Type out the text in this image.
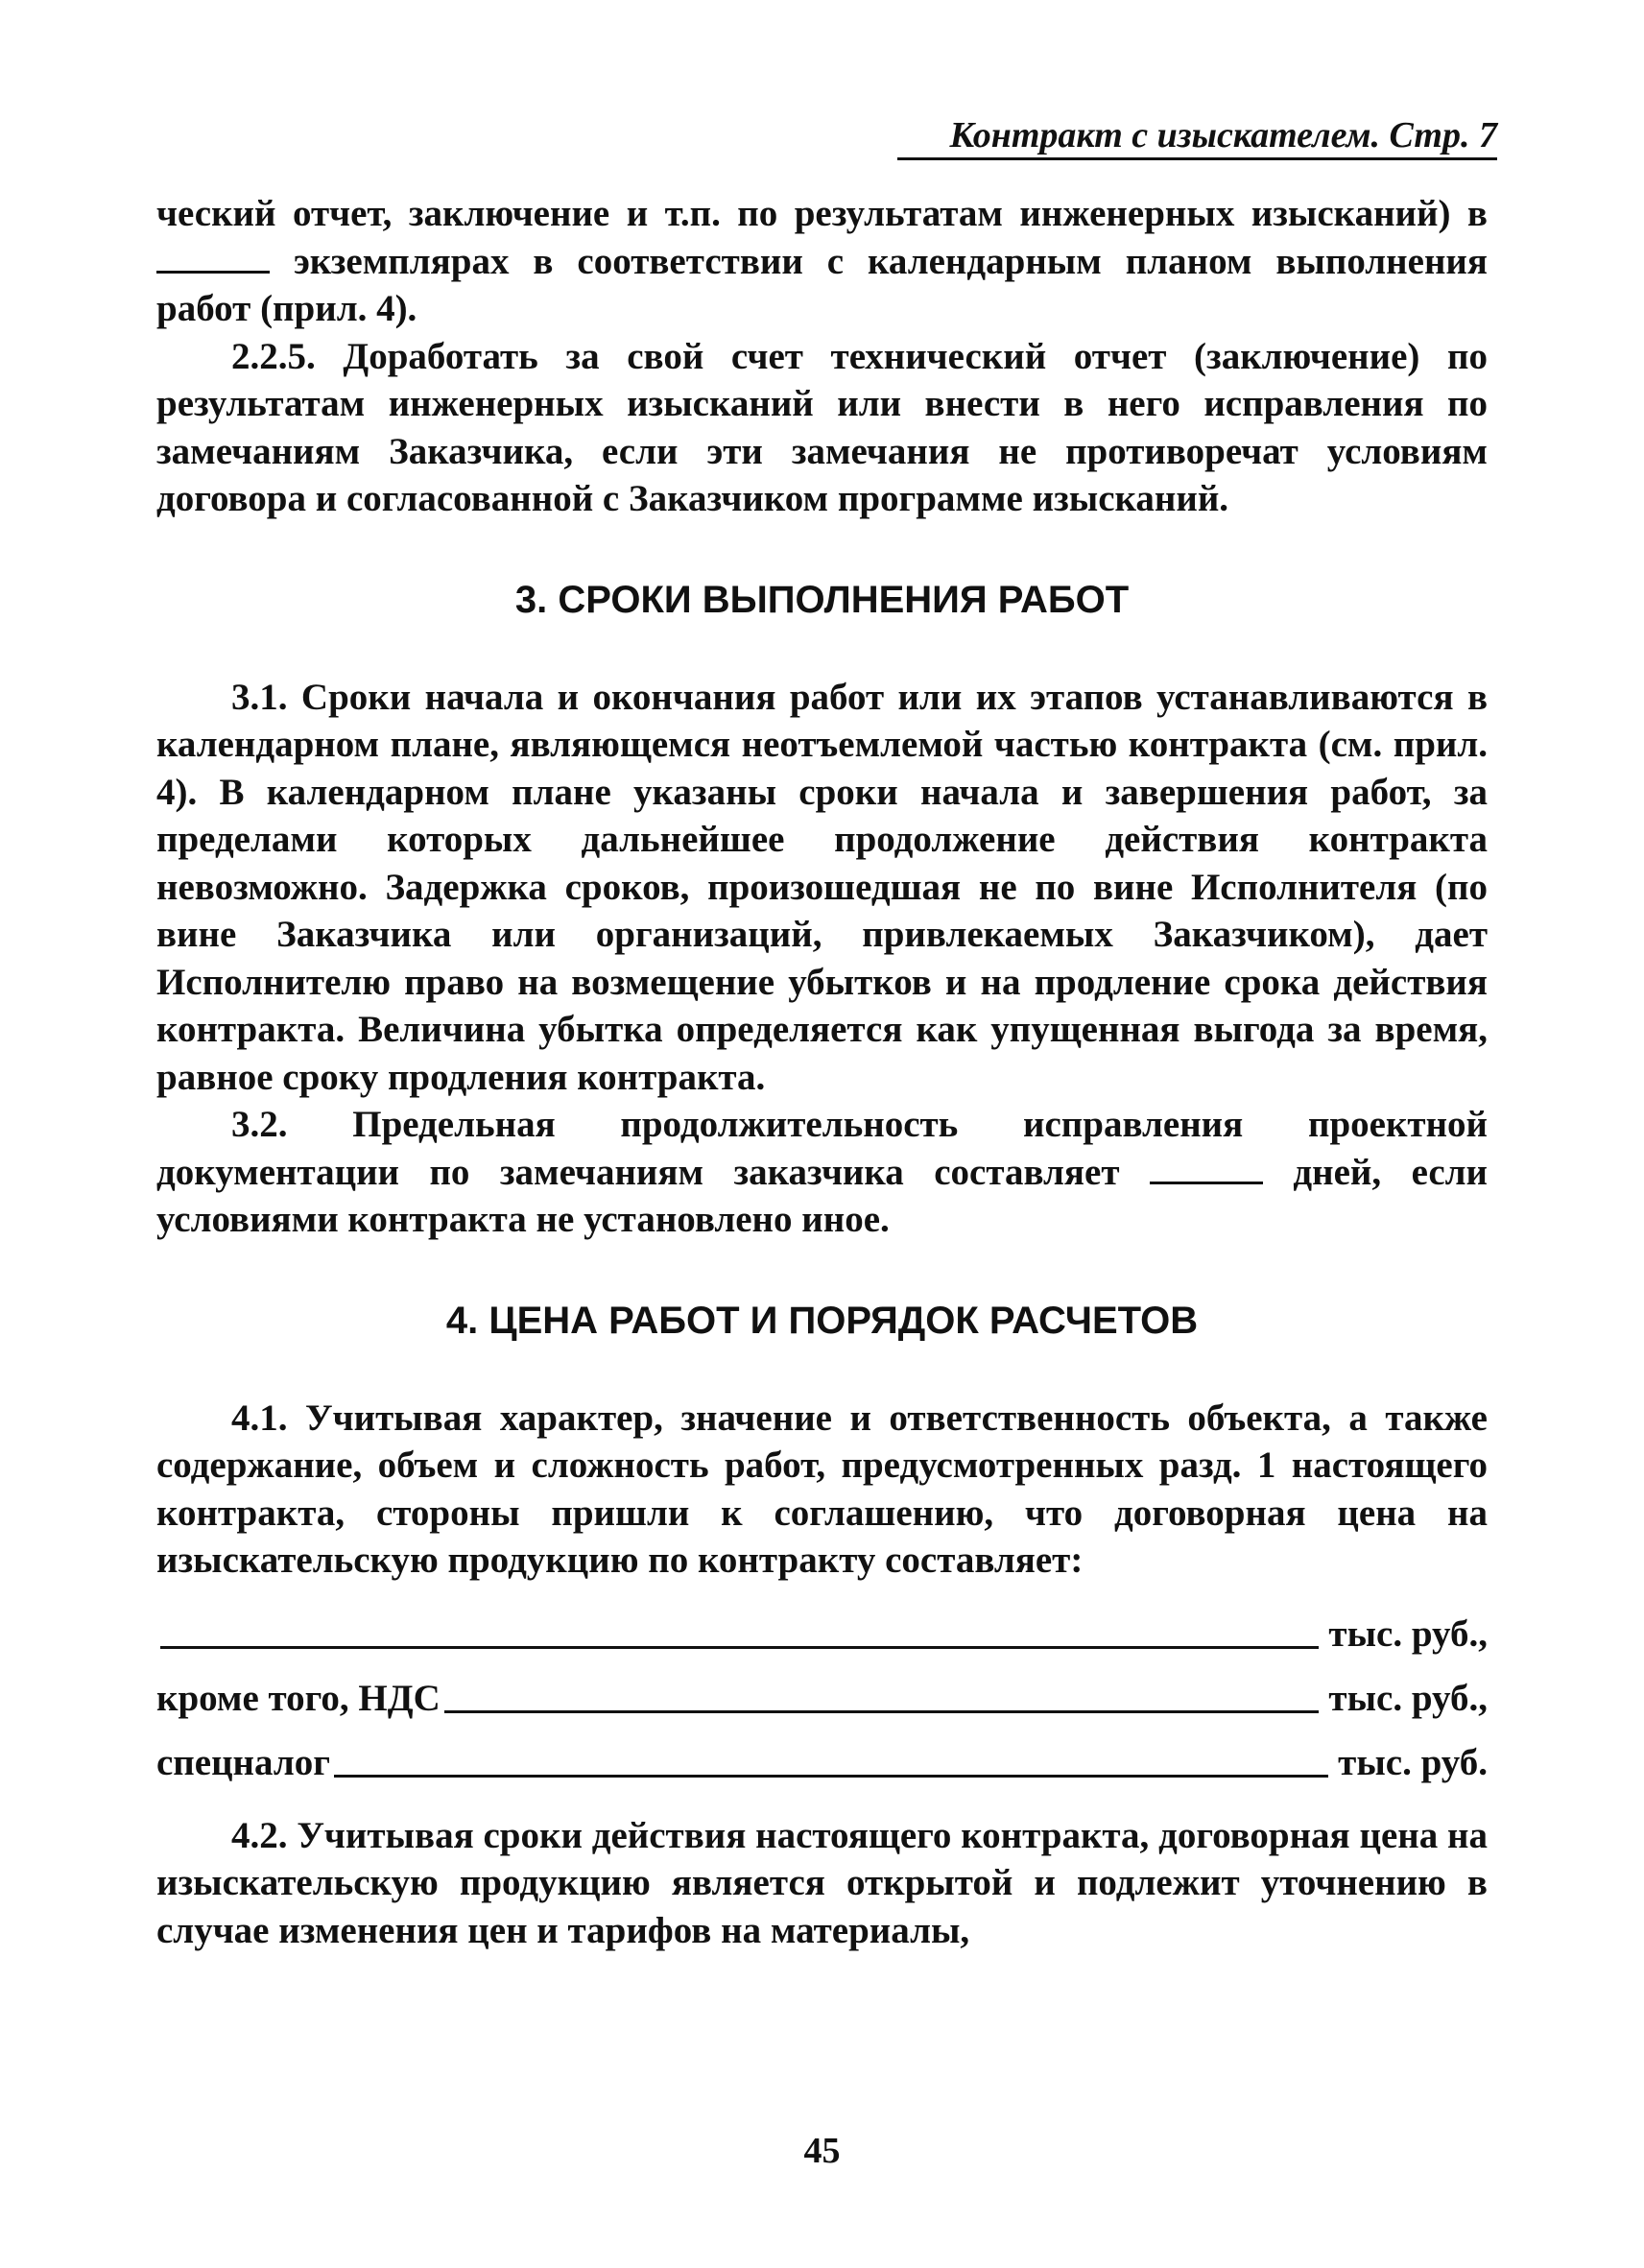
Контракт с изыскателем. Стр. 7

ческий отчет, заключение и т.п. по результатам инженерных изысканий) в  экземплярах в соответствии с календарным планом выполнения работ (прил. 4).

2.2.5. Доработать за свой счет технический отчет (заключение) по результатам инженерных изысканий или внести в него исправления по замечаниям Заказчика, если эти замечания не противоречат условиям договора и согласованной с Заказчиком программе изысканий.

3. СРОКИ ВЫПОЛНЕНИЯ РАБОТ

3.1. Сроки начала и окончания работ или их этапов устанавливаются в календарном плане, являющемся неотъемлемой частью контракта (см. прил. 4). В календарном плане указаны сроки начала и завершения работ, за пределами которых дальнейшее продолжение действия контракта невозможно. Задержка сроков, произошедшая не по вине Исполнителя (по вине Заказчика или организаций, привлекаемых Заказчиком), дает Исполнителю право на возмещение убытков и на продление срока действия контракта. Величина убытка определяется как упущенная выгода за время, равное сроку продления контракта.

3.2. Предельная продолжительность исправления проектной документации по замечаниям заказчика составляет	дней, если условиями контракта не установлено иное.

4. ЦЕНА РАБОТ И ПОРЯДОК РАСЧЕТОВ

4.1. Учитывая характер, значение и ответственность объекта, а также содержание, объем и сложность работ, предусмотренных разд. 1 настоящего контракта, стороны пришли к соглашению, что договорная цена на изыскательскую продукцию по контракту составляет:

тыс. руб.,
кроме того, НДС	тыс. руб.,
спецналог	тыс. руб.

4.2. Учитывая сроки действия настоящего контракта, договорная цена на изыскательскую продукцию является открытой и подлежит уточнению в случае изменения цен и тарифов на материалы,

45
